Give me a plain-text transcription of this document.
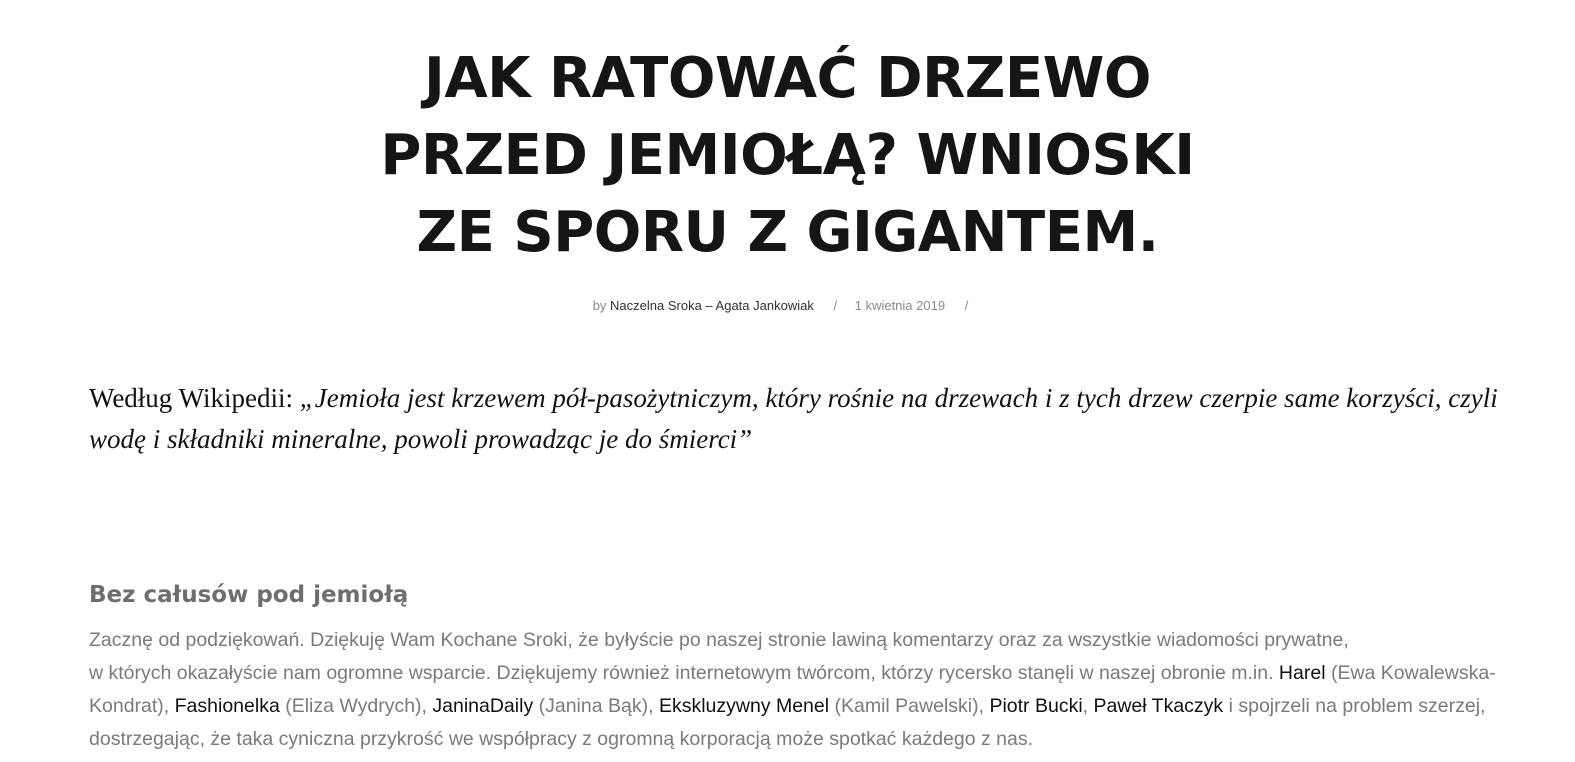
JAK RATOWAĆ DRZEWO
PRZED JEMIOŁĄ? WNIOSKI
ZE SPORU Z GIGANTEM.
by Naczelna Sroka – Agata Jankowiak / 1 kwietnia 2019 /

Według Wikipedii: „Jemioła jest krzewem pół-pasożytniczym, który rośnie na drzewach i z tych drzew czerpie same korzyści, czyli wodę i składniki mineralne, powoli prowadząc je do śmierci”

Bez całusów pod jemiołą

Zacznę od podziękowań. Dziękuję Wam Kochane Sroki, że byłyście po naszej stronie lawiną komentarzy oraz za wszystkie wiadomości prywatne,
w których okazałyście nam ogromne wsparcie. Dziękujemy również internetowym twórcom, którzy rycersko stanęli w naszej obronie m.in. Harel (Ewa Kowalewska-Kondrat), Fashionelka (Eliza Wydrych), JaninaDaily (Janina Bąk), Ekskluzywny Menel (Kamil Pawelski), Piotr Bucki, Paweł Tkaczyk i spojrzeli na problem szerzej, dostrzegając, że taka cyniczna przykrość we współpracy z ogromną korporacją może spotkać każdego z nas.
